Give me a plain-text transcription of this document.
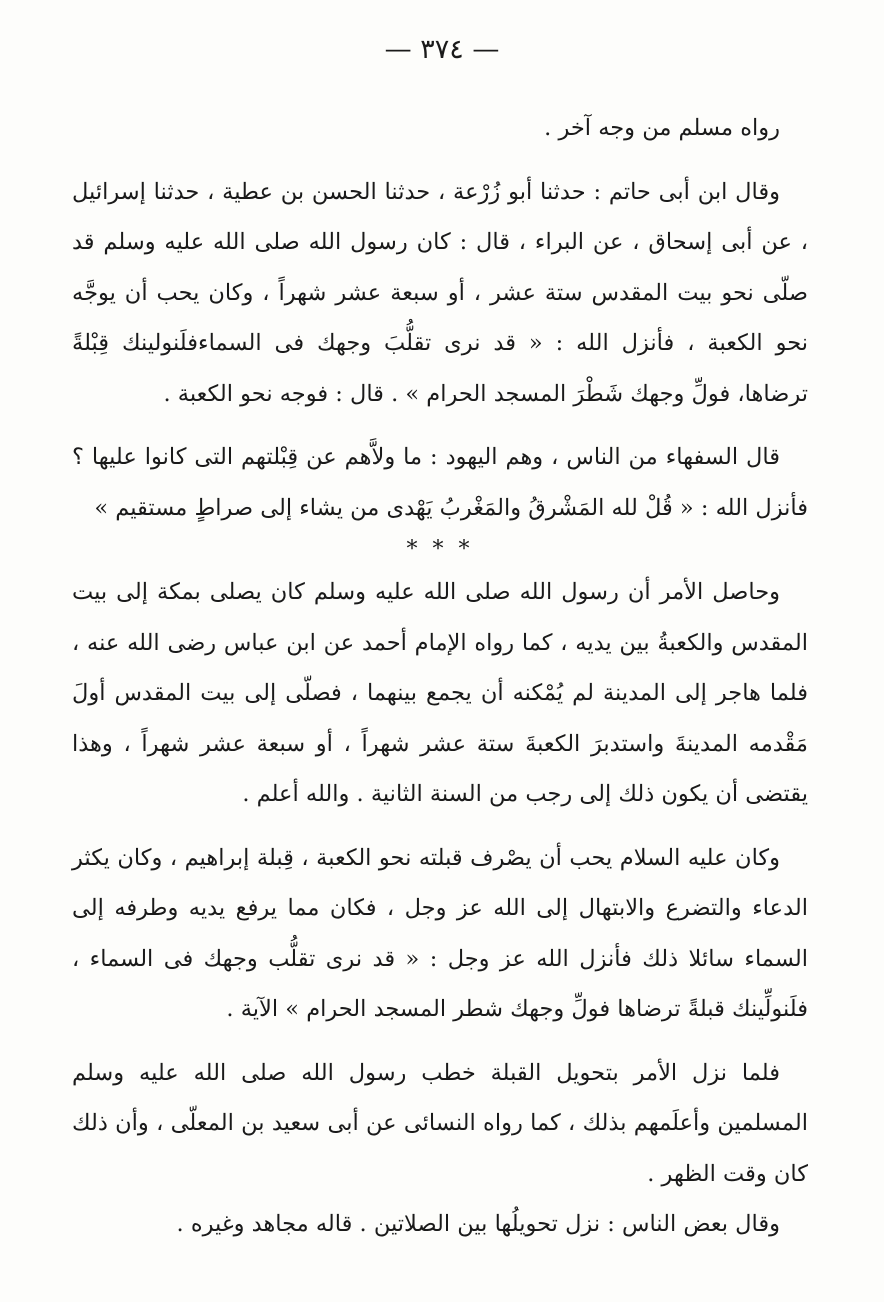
— ٣٧٤ —

رواه مسلم من وجه آخر .

وقال ابن أبى حاتم : حدثنا أبو زُرْعة ، حدثنا الحسن بن عطية ، حدثنا إسرائيل ، عن أبى إسحاق ، عن البراء ، قال : كان رسول الله صلى الله عليه وسلم قد صلّى نحو بيت المقدس ستة عشر ، أو سبعة عشر شهراً ، وكان يحب أن يوجَّه نحو الكعبة ، فأنزل الله : « قد نرى تقلُّبَ وجهك فى السماءفلَنولينك قِبْلةً ترضاها، فولِّ وجهك شَطْرَ المسجد الحرام » . قال : فوجه نحو الكعبة .

قال السفهاء من الناس ، وهم اليهود : ما ولاَّهم عن قِبْلتهم التى كانوا عليها ؟ فأنزل الله : « قُلْ لله المَشْرقُ والمَغْربُ يَهْدى من يشاء إلى صراطٍ مستقيم »

* * *

وحاصل الأمر أن رسول الله صلى الله عليه وسلم كان يصلى بمكة إلى بيت المقدس والكعبةُ بين يديه ، كما رواه الإمام أحمد عن ابن عباس رضى الله عنه ، فلما هاجر إلى المدينة لم يُمْكنه أن يجمع بينهما ، فصلّى إلى بيت المقدس أولَ مَقْدمه المدينةَ واستدبرَ الكعبةَ ستة عشر شهراً ، أو سبعة عشر شهراً ، وهذا يقتضى أن يكون ذلك إلى رجب من السنة الثانية . والله أعلم .

وكان عليه السلام يحب أن يصْرف قبلته نحو الكعبة ، قِبلة إبراهيم ، وكان يكثر الدعاء والتضرع والابتهال إلى الله عز وجل ، فكان مما يرفع يديه وطرفه إلى السماء سائلا ذلك فأنزل الله عز وجل : « قد نرى تقلُّب وجهك فى السماء ، فلَنولِّينك قبلةً ترضاها فولِّ وجهك شطر المسجد الحرام » الآية .

فلما نزل الأمر بتحويل القبلة خطب رسول الله صلى الله عليه وسلم المسلمين وأعلَمهم بذلك ، كما رواه النسائى عن أبى سعيد بن المعلّى ، وأن ذلك كان وقت الظهر .

وقال بعض الناس : نزل تحويلُها بين الصلاتين . قاله مجاهد وغيره .
